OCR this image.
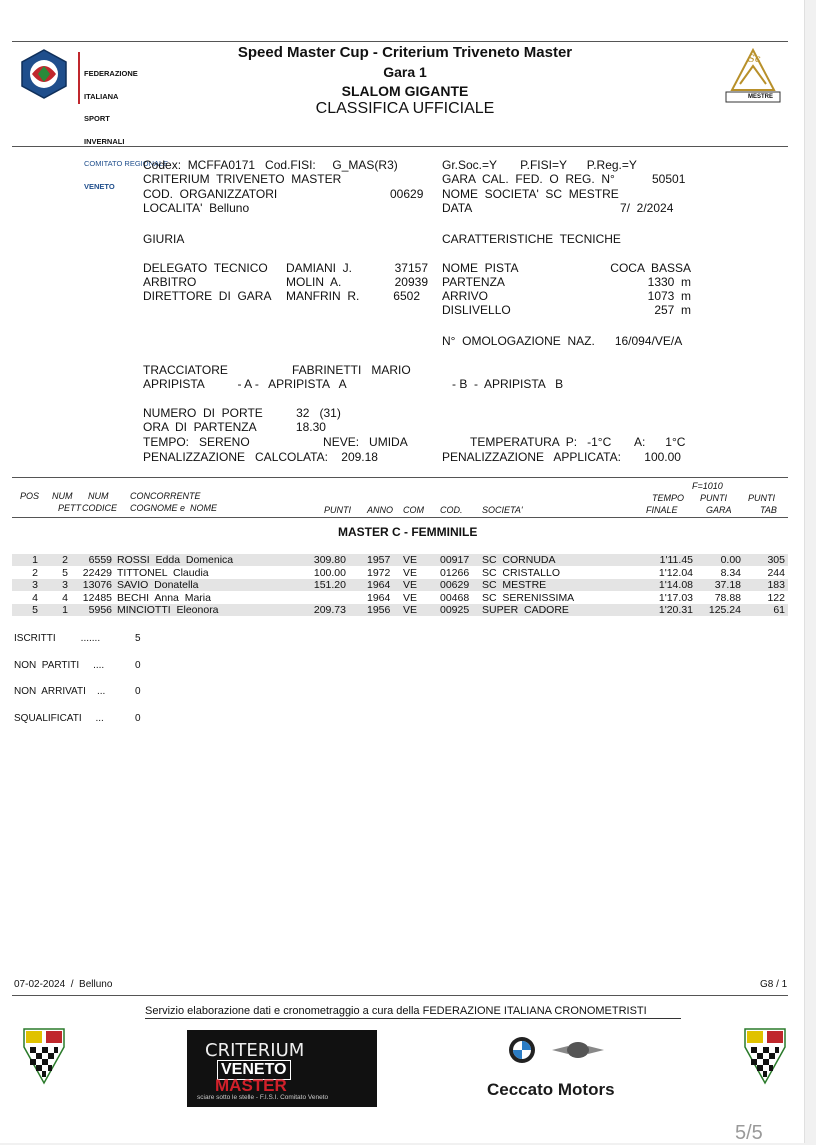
FEDERAZIONE

ITALIANA

SPORT

INVERNALI

COMITATO REGIONALE

VENETO

Sc
MESTRE
Speed Master Cup - Criterium Triveneto Master
Gara 1
SLALOM GIGANTE
CLASSIFICA UFFICIALE
Codex:  MCFFA0171   Cod.FISI:     G_MAS(R3)
CRITERIUM  TRIVENETO  MASTER
COD.  ORGANIZZATORI	00629
LOCALITA'  Belluno
Gr.Soc.=Y       P.FISI=Y      P.Reg.=Y
GARA  CAL.  FED.  O  REG.  N°	50501
NOME  SOCIETA'  SC  MESTRE
DATA	7/  2/2024
GIURIA	CARATTERISTICHE  TECNICHE
DELEGATO  TECNICO DAMIANI  J.	37157
ARBITRO	MOLIN  A.	20939
DIRETTORE  DI  GARA MANFRIN  R.	6502
NOME  PISTA	COCA  BASSA
PARTENZA	1330  m
ARRIVO	1073  m
DISLIVELLO	257  m
N°  OMOLOGAZIONE  NAZ.      16/094/VE/A
TRACCIATORE	FABRINETTI   MARIO
APRIPISTA          - A -   APRIPISTA   A	- B  -  APRIPISTA   B
NUMERO  DI  PORTE          32   (31)
ORA  DI  PARTENZA            18.30
TEMPO:   SERENO                      NEVE:   UMIDA	TEMPERATURA  P:   -1°C       A:      1°C
PENALIZZAZIONE   CALCOLATA:    209.18	PENALIZZAZIONE   APPLICATA:       100.00
POS NUM
PETT
NUM
CODICE
CONCORRENTE
COGNOME e  NOME	PUNTI ANNO COM COD. SOCIETA'
TEMPO
FINALE
F=1010
PUNTI
GARA
PUNTI
TAB
MASTER C - FEMMINILE
1	2	6559 ROSSI  Edda  Domenica	309.80 1957	VE	00917	SC  CORNUDA	1'11.45	0.00	305
2	5	22429 TITTONEL  Claudia	100.00 1972	VE	01266	SC  CRISTALLO	1'12.04	8.34	244
3	3	13076 SAVIO  Donatella	151.20 1964	VE	00629	SC  MESTRE	1'14.08	37.18	183
4	4	12485 BECHI  Anna  Maria	1964	VE	00468	SC  SERENISSIMA	1'17.03	78.88	122
5	1	5956 MINCIOTTI  Eleonora	209.73 1956	VE	00925	SUPER  CADORE	1'20.31	125.24	61
ISCRITTI         .......	5
NON  PARTITI     ....	0
NON  ARRIVATI    ...	0
SQUALIFICATI     ...	0
07-02-2024  /  Belluno	G8 / 1
Servizio elaborazione dati e cronometraggio a cura della FEDERAZIONE ITALIANA CRONOMETRISTI
CRITERIUM
VENETO
MASTER
sciare sotto le stelle - F.I.S.I. Comitato Veneto	Ceccato Motors
5/5
